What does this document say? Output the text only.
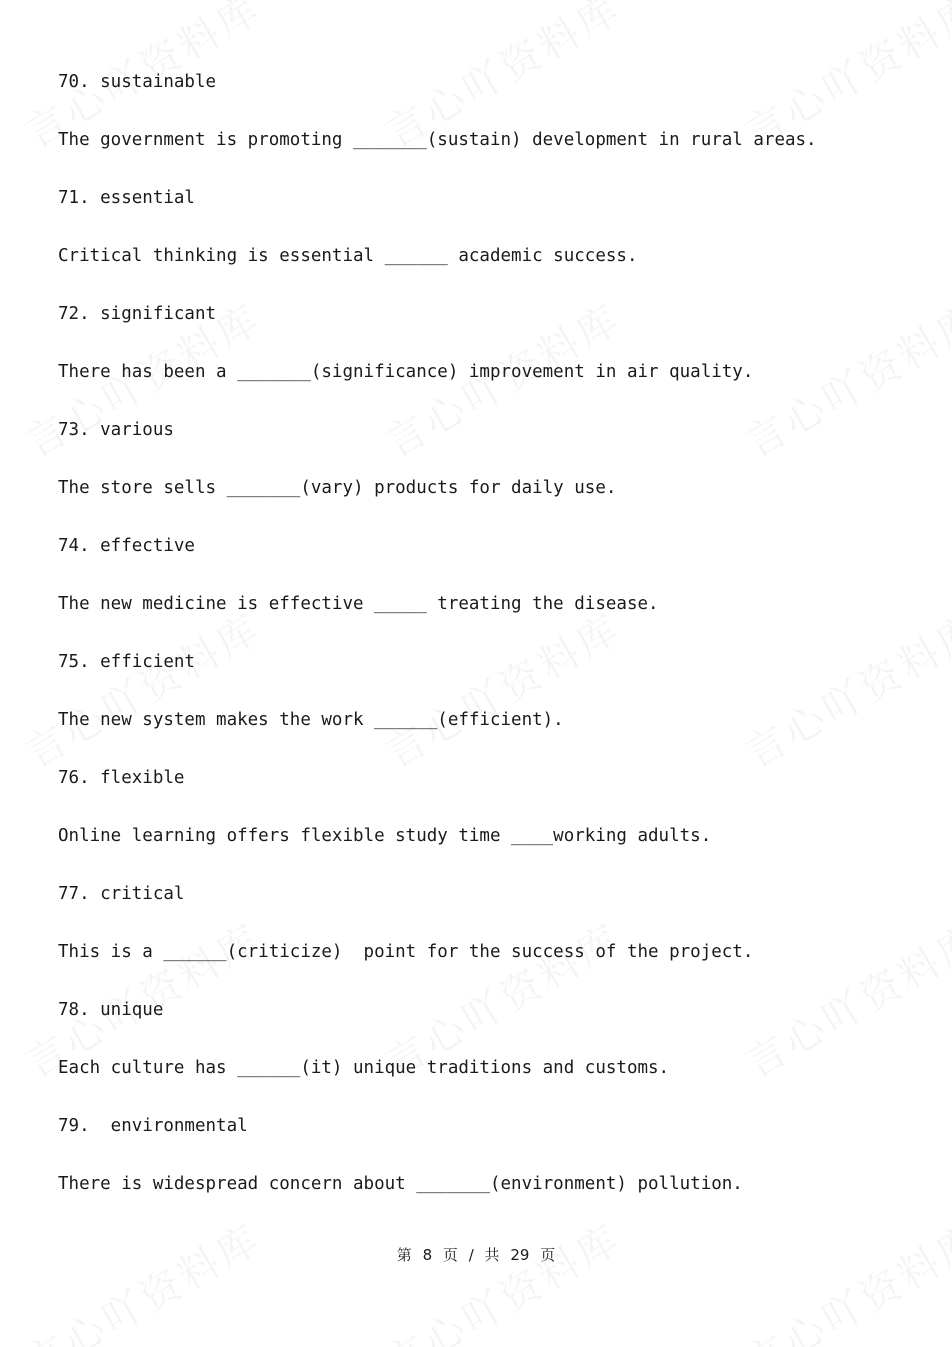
70. sustainable
The government is promoting _______(sustain) development in rural areas.
71. essential
Critical thinking is essential ______ academic success.
72. significant
There has been a _______(significance) improvement in air quality.
73. various
The store sells _______(vary) products for daily use.
74. effective
The new medicine is effective _____ treating the disease.
75. efficient
The new system makes the work ______(efficient).
76. flexible
Online learning offers flexible study time ____working adults.
77. critical
This is a ______(criticize)  point for the success of the project.
78. unique
Each culture has ______(it) unique traditions and customs.
79.  environmental
There is widespread concern about _______(environment) pollution.
第 8 页 / 共 29 页
